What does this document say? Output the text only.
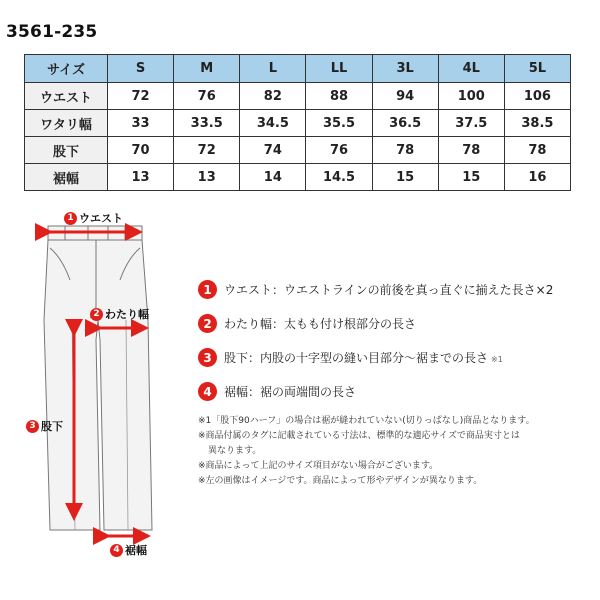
3561-235
サイズ	S	M	L	LL	3L	4L	5L
ウエスト	72	76	82	88	94	100	106
ワタリ幅	33	33.5	34.5	35.5	36.5	37.5	38.5
股下	70	72	74	76	78	78	78
裾幅	13	13	14	14.5	15	15	16
1 ウエスト
2 わたり幅
3 股下
4 裾幅
1	ウエスト：ウエストラインの前後を真っ直ぐに揃えた長さ×2
2	わたり幅：太もも付け根部分の長さ
3	股下：内股の十字型の縫い目部分〜裾までの長さ ※1
4	裾幅：裾の両端間の長さ
※1「股下90ハーフ」の場合は裾が縫われていない(切りっぱなし)商品となります。
※商品付属のタグに記載されている寸法は、標準的な適応サイズで商品実寸とは
異なります。
※商品によって上記のサイズ項目がない場合がございます。
※左の画像はイメージです。商品によって形やデザインが異なります。
